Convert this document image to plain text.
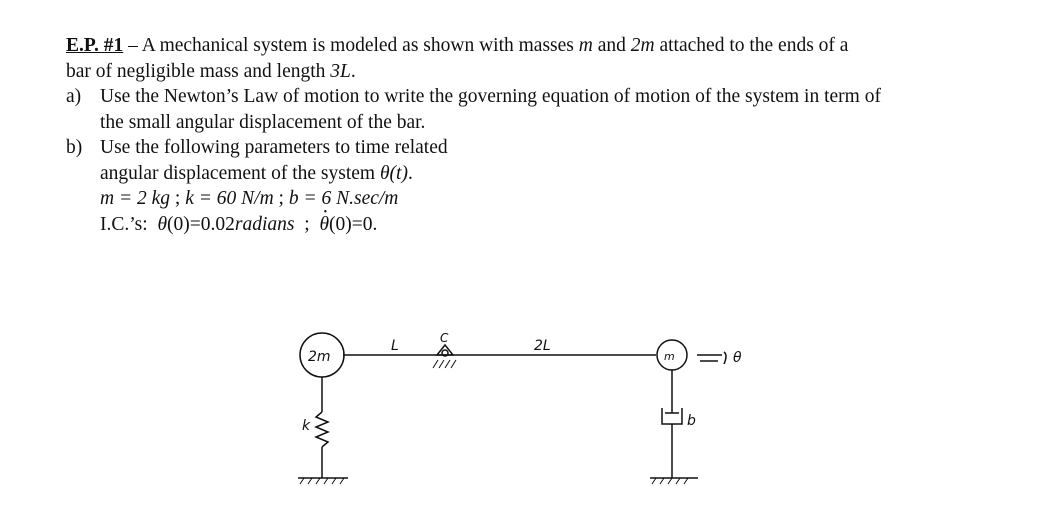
E.P. #1 – A mechanical system is modeled as shown with masses m and 2m attached to the ends of a
bar of negligible mass and length 3L.
a) Use the Newton’s Law of motion to write the governing equation of motion of the system in term of
the small angular displacement of the bar.
b) Use the following parameters to time related
angular displacement of the system θ(t).
m = 2 kg ; k = 60 N/m ; b = 6 N.sec/m
I.C.’s: θ(0)=0.02radians  ;  θ •(0)=0.
2m	m
L	C	2L
k	b
θ
